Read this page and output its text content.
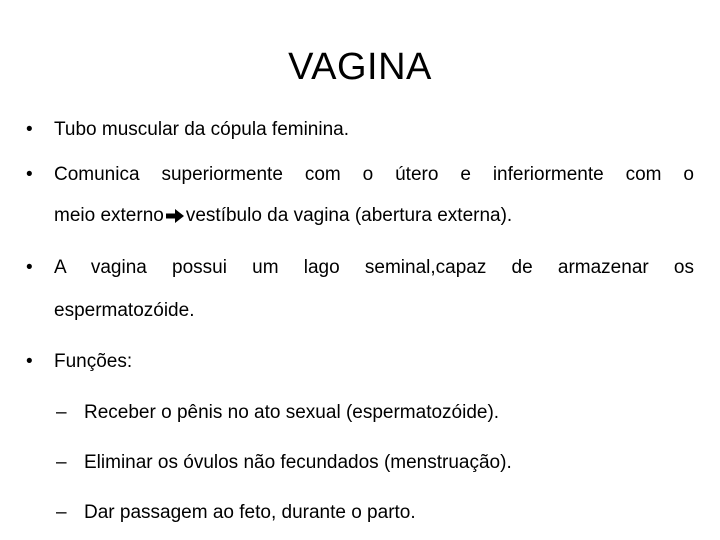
VAGINA
•	Tubo muscular da cópula feminina.
•	Comunica superiormente com o útero e inferiormente com o
meio externo vestíbulo da vagina (abertura externa).
•	A vagina possui um lago seminal,capaz de armazenar os
espermatozóide.
•	Funções:
– Receber o pênis no ato sexual (espermatozóide).
– Eliminar os óvulos não fecundados (menstruação).
– Dar passagem ao feto, durante o parto.
